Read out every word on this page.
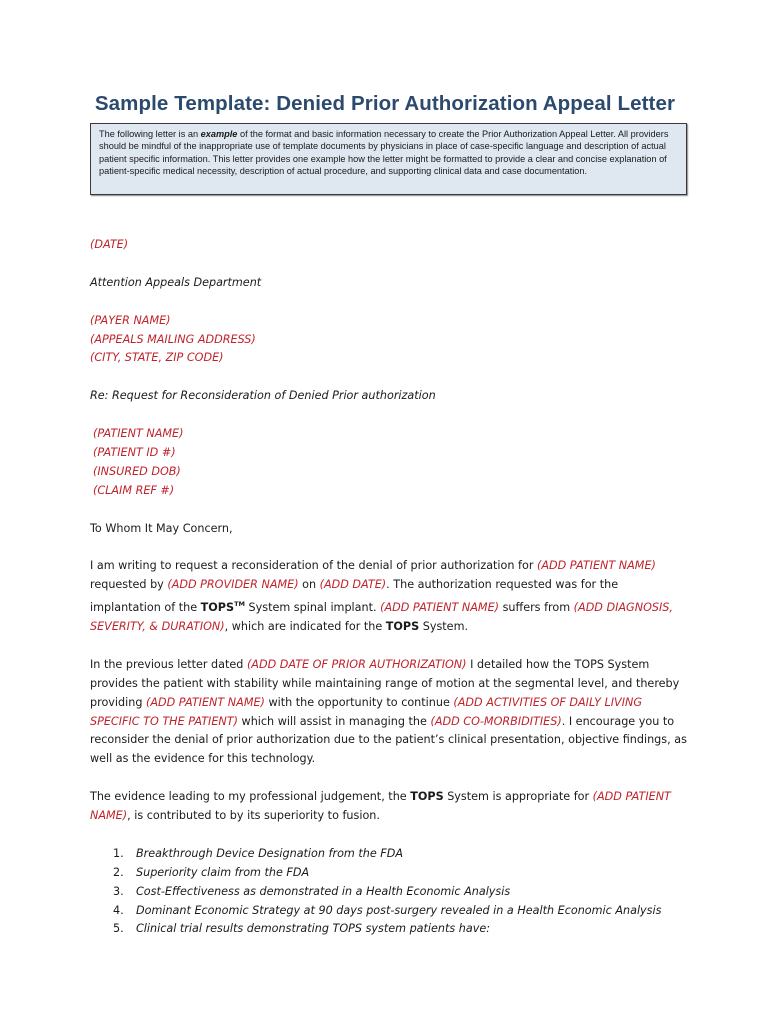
Sample Template: Denied Prior Authorization Appeal Letter
The following letter is an example of the format and basic information necessary to create the Prior Authorization Appeal Letter. All providers should be mindful of the inappropriate use of template documents by physicians in place of case-specific language and description of actual patient specific information. This letter provides one example how the letter might be formatted to provide a clear and concise explanation of patient-specific medical necessity, description of actual procedure, and supporting clinical data and case documentation.
(DATE)
Attention Appeals Department
(PAYER NAME)
(APPEALS MAILING ADDRESS)
(CITY, STATE, ZIP CODE)
Re: Request for Reconsideration of Denied Prior authorization
(PATIENT NAME)
(PATIENT ID #)
(INSURED DOB)
(CLAIM REF #)
To Whom It May Concern,
I am writing to request a reconsideration of the denial of prior authorization for (ADD PATIENT NAME) requested by (ADD PROVIDER NAME) on (ADD DATE). The authorization requested was for the implantation of the TOPS™ System spinal implant. (ADD PATIENT NAME) suffers from (ADD DIAGNOSIS, SEVERITY, & DURATION), which are indicated for the TOPS System.
In the previous letter dated (ADD DATE OF PRIOR AUTHORIZATION) I detailed how the TOPS System provides the patient with stability while maintaining range of motion at the segmental level, and thereby providing (ADD PATIENT NAME) with the opportunity to continue (ADD ACTIVITIES OF DAILY LIVING SPECIFIC TO THE PATIENT) which will assist in managing the (ADD CO-MORBIDITIES). I encourage you to reconsider the denial of prior authorization due to the patient’s clinical presentation, objective findings, as well as the evidence for this technology.
The evidence leading to my professional judgement, the TOPS System is appropriate for (ADD PATIENT NAME), is contributed to by its superiority to fusion.
1.	Breakthrough Device Designation from the FDA
2.	Superiority claim from the FDA
3.	Cost-Effectiveness as demonstrated in a Health Economic Analysis
4.	Dominant Economic Strategy at 90 days post-surgery revealed in a Health Economic Analysis
5.	Clinical trial results demonstrating TOPS system patients have:
